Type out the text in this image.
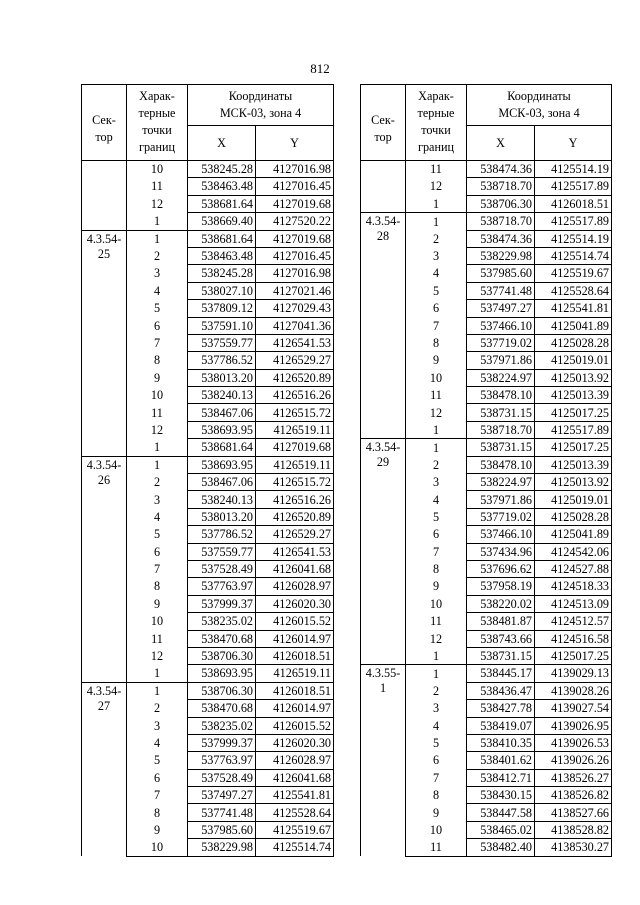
812
Сек-
тор	Харак-
терные
точки
границ	Координаты
МСК-03, зона 4	
		X	Y
	10	538245.28	4127016.98
	11	538463.48	4127016.45
	12	538681.64	4127019.68
	1	538669.40	4127520.22
4.3.54-
25	1	538681.64	4127019.68
	2	538463.48	4127016.45
	3	538245.28	4127016.98
	4	538027.10	4127021.46
	5	537809.12	4127029.43
	6	537591.10	4127041.36
	7	537559.77	4126541.53
	8	537786.52	4126529.27
	9	538013.20	4126520.89
	10	538240.13	4126516.26
	11	538467.06	4126515.72
	12	538693.95	4126519.11
	1	538681.64	4127019.68
4.3.54-
26	1	538693.95	4126519.11
	2	538467.06	4126515.72
	3	538240.13	4126516.26
	4	538013.20	4126520.89
	5	537786.52	4126529.27
	6	537559.77	4126541.53
	7	537528.49	4126041.68
	8	537763.97	4126028.97
	9	537999.37	4126020.30
	10	538235.02	4126015.52
	11	538470.68	4126014.97
	12	538706.30	4126018.51
	1	538693.95	4126519.11
4.3.54-
27	1	538706.30	4126018.51
	2	538470.68	4126014.97
	3	538235.02	4126015.52
	4	537999.37	4126020.30
	5	537763.97	4126028.97
	6	537528.49	4126041.68
	7	537497.27	4125541.81
	8	537741.48	4125528.64
	9	537985.60	4125519.67
	10	538229.98	4125514.74
Сек-
тор	Харак-
терные
точки
границ	Координаты
МСК-03, зона 4	
		X	Y
	11	538474.36	4125514.19
	12	538718.70	4125517.89
	1	538706.30	4126018.51
4.3.54-
28	1	538718.70	4125517.89
	2	538474.36	4125514.19
	3	538229.98	4125514.74
	4	537985.60	4125519.67
	5	537741.48	4125528.64
	6	537497.27	4125541.81
	7	537466.10	4125041.89
	8	537719.02	4125028.28
	9	537971.86	4125019.01
	10	538224.97	4125013.92
	11	538478.10	4125013.39
	12	538731.15	4125017.25
	1	538718.70	4125517.89
4.3.54-
29	1	538731.15	4125017.25
	2	538478.10	4125013.39
	3	538224.97	4125013.92
	4	537971.86	4125019.01
	5	537719.02	4125028.28
	6	537466.10	4125041.89
	7	537434.96	4124542.06
	8	537696.62	4124527.88
	9	537958.19	4124518.33
	10	538220.02	4124513.09
	11	538481.87	4124512.57
	12	538743.66	4124516.58
	1	538731.15	4125017.25
4.3.55-
1	1	538445.17	4139029.13
	2	538436.47	4139028.26
	3	538427.78	4139027.54
	4	538419.07	4139026.95
	5	538410.35	4139026.53
	6	538401.62	4139026.26
	7	538412.71	4138526.27
	8	538430.15	4138526.82
	9	538447.58	4138527.66
	10	538465.02	4138528.82
	11	538482.40	4138530.27
